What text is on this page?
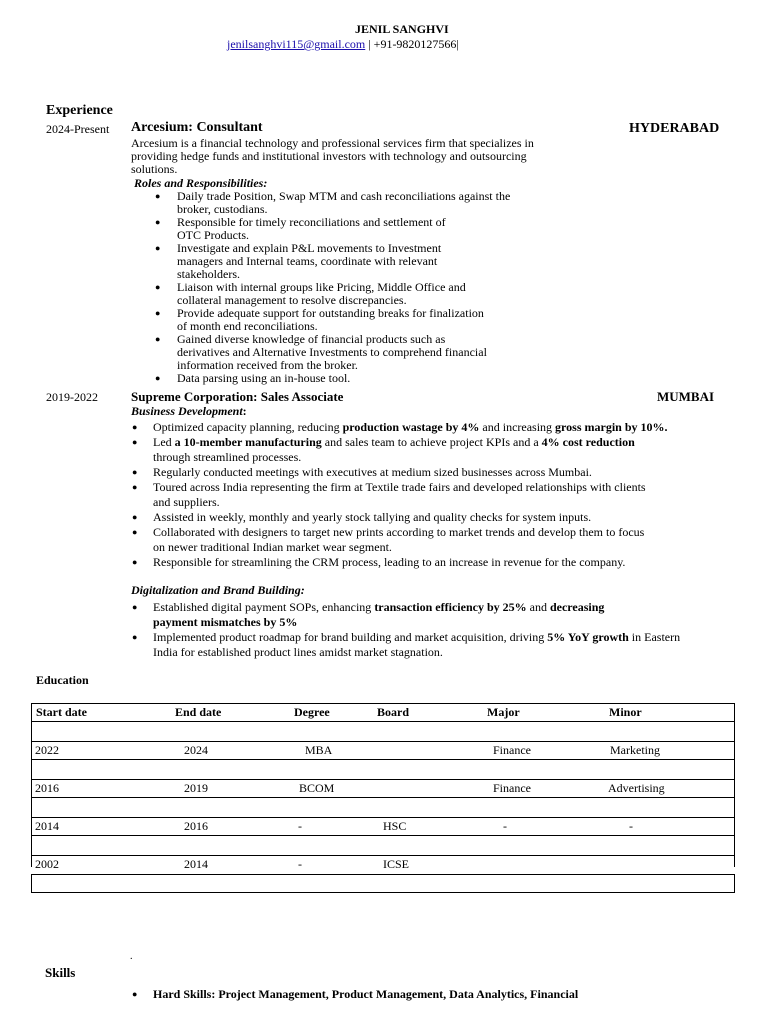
JENIL SANGHVI
jenilsanghvi115@gmail.com | +91-9820127566|
Experience
2024-Present Arcesium: Consultant	HYDERABAD
Arcesium is a financial technology and professional services firm that specializes in
providing hedge funds and institutional investors with technology and outsourcing
solutions.
Roles and Responsibilities:
● Daily trade Position, Swap MTM and cash reconciliations against the
broker, custodians.
● Responsible for timely reconciliations and settlement of
OTC Products.
● Investigate and explain P&L movements to Investment
managers and Internal teams, coordinate with relevant
stakeholders.
● Liaison with internal groups like Pricing, Middle Office and
collateral management to resolve discrepancies.
● Provide adequate support for outstanding breaks for finalization
of month end reconciliations.
● Gained diverse knowledge of financial products such as
derivatives and Alternative Investments to comprehend financial
information received from the broker.
● Data parsing using an in-house tool.
2019-2022	Supreme Corporation: Sales Associate	MUMBAI
Business Development:
● Optimized capacity planning, reducing production wastage by 4% and increasing gross margin by 10%.
● Led a 10-member manufacturing and sales team to achieve project KPIs and a 4% cost reduction
through streamlined processes.
● Regularly conducted meetings with executives at medium sized businesses across Mumbai.
● Toured across India representing the firm at Textile trade fairs and developed relationships with clients
and suppliers.
● Assisted in weekly, monthly and yearly stock tallying and quality checks for system inputs.
● Collaborated with designers to target new prints according to market trends and develop them to focus
on newer traditional Indian market wear segment.
● Responsible for streamlining the CRM process, leading to an increase in revenue for the company.
Digitalization and Brand Building:
● Established digital payment SOPs, enhancing transaction efficiency by 25% and decreasing
payment mismatches by 5%
● Implemented product roadmap for brand building and market acquisition, driving 5% YoY growth in Eastern
India for established product lines amidst market stagnation.
Education
Start date	End date	Degree	Board	Major	Minor

2022	2024	MBA		Finance	Marketing

2016	2019	BCOM		Finance	Advertising

2014	2016	-	HSC	-	-

2002	2014	-	ICSE		
.
Skills
● Hard Skills: Project Management, Product Management, Data Analytics, Financial
